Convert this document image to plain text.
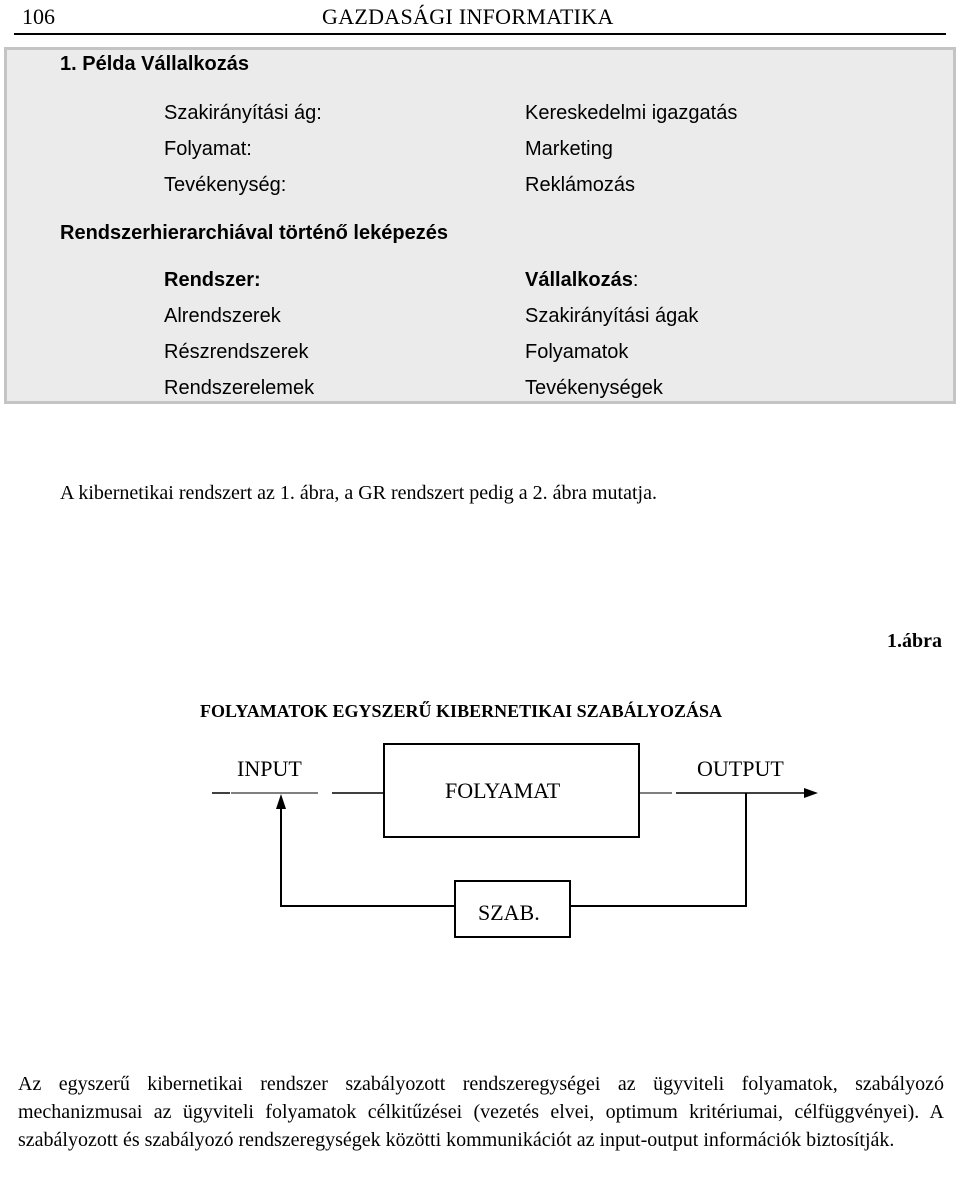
106	GAZDASÁGI INFORMATIKA
1. Példa Vállalkozás
Szakirányítási ág:	Kereskedelmi igazgatás
Folyamat:	Marketing
Tevékenység:	Reklámozás
Rendszerhierarchiával történő leképezés
Rendszer:	Vállalkozás:
Alrendszerek	Szakirányítási ágak
Részrendszerek	Folyamatok
Rendszerelemek	Tevékenységek
A kibernetikai rendszert az 1. ábra, a GR rendszert pedig a 2. ábra mutatja.
1.ábra
FOLYAMATOK EGYSZERŰ KIBERNETIKAI SZABÁLYOZÁSA
INPUT
FOLYAMAT
OUTPUT
SZAB.
Az egyszerű kibernetikai rendszer szabályozott rendszeregységei az ügyviteli folyamatok, szabályozó mechanizmusai az ügyviteli folyamatok célkitűzései (vezetés elvei, optimum kritériumai, célfüggvényei). A szabályozott és szabályozó rendszeregységek közötti kommunikációt az input-output információk biztosítják.
